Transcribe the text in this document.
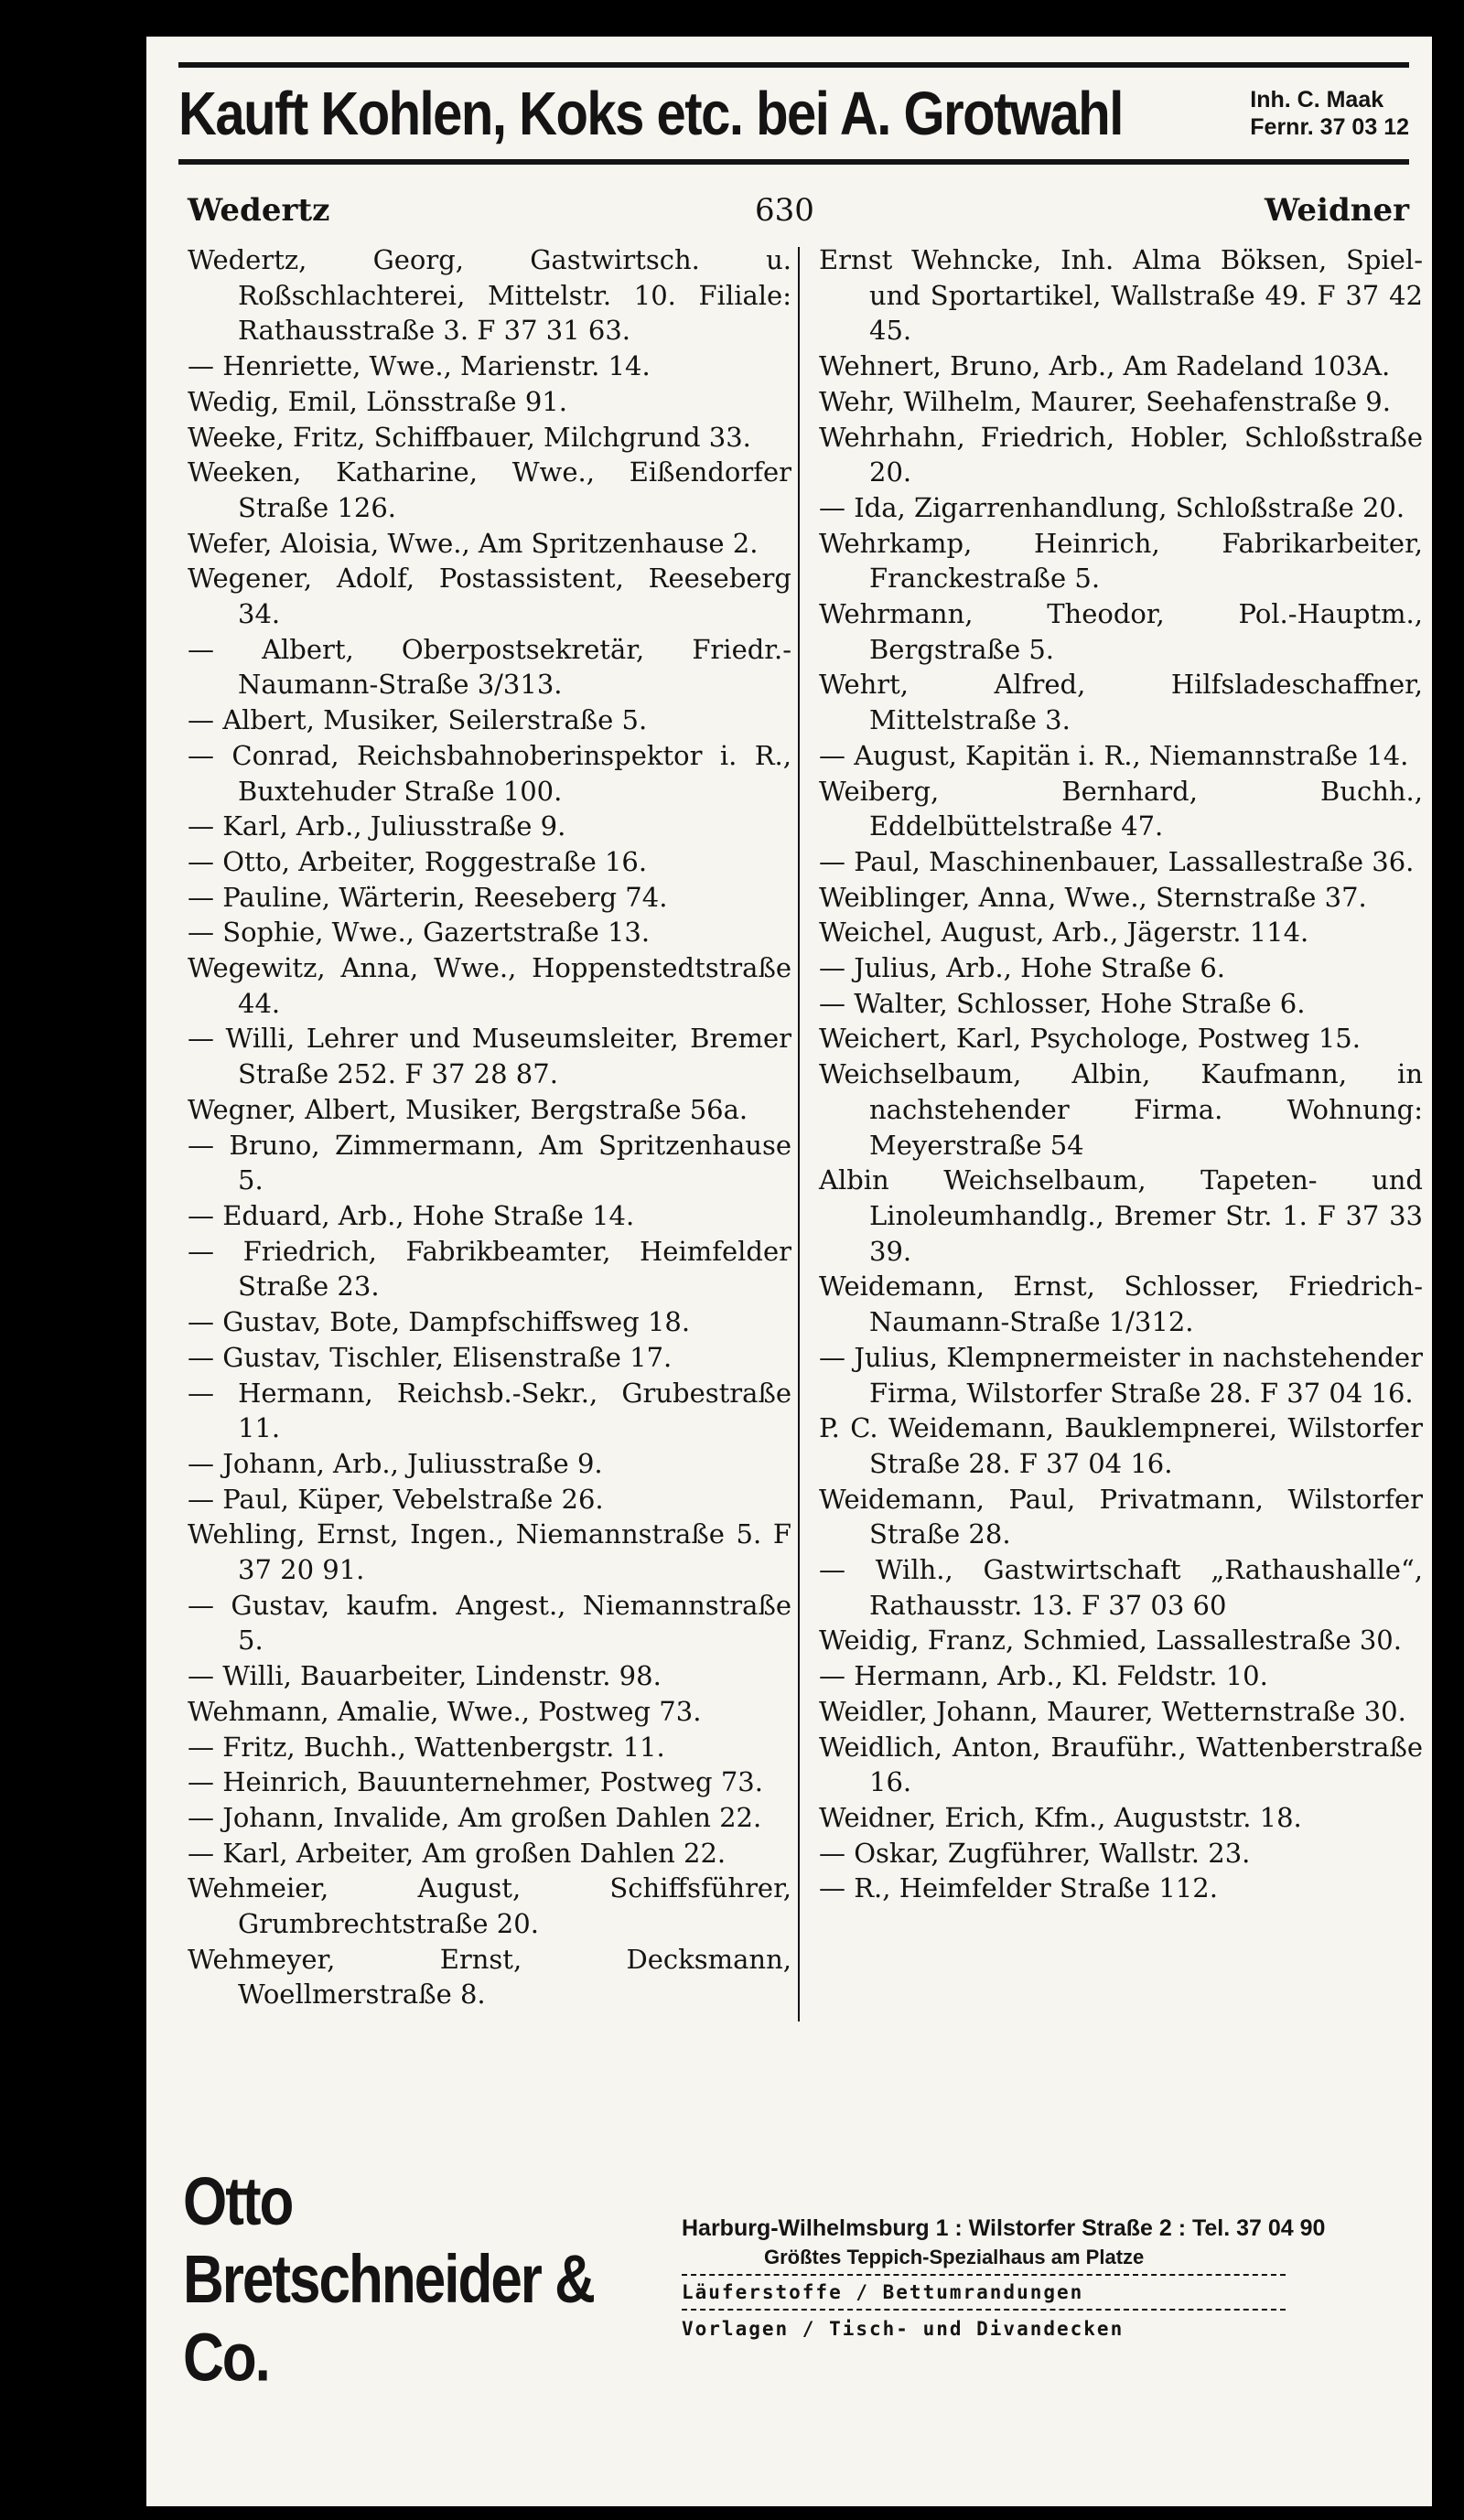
Kauft Kohlen, Koks etc. bei A. Grotwahl	Inh. C. Maak
Fernr. 37 03 12
Wedertz	630	Weidner
Wedertz, Georg, Gastwirtsch. u. Roßschlachterei, Mittelstr. 10. Filiale: Rathausstraße 3. F 37 31 63.
— Henriette, Wwe., Marienstr. 14.
Wedig, Emil, Lönsstraße 91.
Weeke, Fritz, Schiffbauer, Milchgrund 33.
Weeken, Katharine, Wwe., Eißendorfer Straße 126.
Wefer, Aloisia, Wwe., Am Spritzenhause 2.
Wegener, Adolf, Postassistent, Reeseberg 34.
— Albert, Oberpostsekretär, Friedr.-Naumann-Straße 3/313.
— Albert, Musiker, Seilerstraße 5.
— Conrad, Reichsbahnoberinspektor i. R., Buxtehuder Straße 100.
— Karl, Arb., Juliusstraße 9.
— Otto, Arbeiter, Roggestraße 16.
— Pauline, Wärterin, Reeseberg 74.
— Sophie, Wwe., Gazertstraße 13.
Wegewitz, Anna, Wwe., Hoppenstedtstraße 44.
— Willi, Lehrer und Museumsleiter, Bremer Straße 252. F 37 28 87.
Wegner, Albert, Musiker, Bergstraße 56a.
— Bruno, Zimmermann, Am Spritzenhause 5.
— Eduard, Arb., Hohe Straße 14.
— Friedrich, Fabrikbeamter, Heimfelder Straße 23.
— Gustav, Bote, Dampfschiffsweg 18.
— Gustav, Tischler, Elisenstraße 17.
— Hermann, Reichsb.-Sekr., Grubestraße 11.
— Johann, Arb., Juliusstraße 9.
— Paul, Küper, Vebelstraße 26.
Wehling, Ernst, Ingen., Niemannstraße 5. F 37 20 91.
— Gustav, kaufm. Angest., Niemannstraße 5.
— Willi, Bauarbeiter, Lindenstr. 98.
Wehmann, Amalie, Wwe., Postweg 73.
— Fritz, Buchh., Wattenbergstr. 11.
— Heinrich, Bauunternehmer, Postweg 73.
— Johann, Invalide, Am großen Dahlen 22.
— Karl, Arbeiter, Am großen Dahlen 22.
Wehmeier, August, Schiffsführer, Grumbrechtstraße 20.
Wehmeyer, Ernst, Decksmann, Woellmerstraße 8.
Ernst Wehncke, Inh. Alma Böksen, Spiel- und Sportartikel, Wallstraße 49. F 37 42 45.
Wehnert, Bruno, Arb., Am Radeland 103A.
Wehr, Wilhelm, Maurer, Seehafenstraße 9.
Wehrhahn, Friedrich, Hobler, Schloßstraße 20.
— Ida, Zigarrenhandlung, Schloßstraße 20.
Wehrkamp, Heinrich, Fabrikarbeiter, Franckestraße 5.
Wehrmann, Theodor, Pol.-Hauptm., Bergstraße 5.
Wehrt, Alfred, Hilfsladeschaffner, Mittelstraße 3.
— August, Kapitän i. R., Niemannstraße 14.
Weiberg, Bernhard, Buchh., Eddelbüttelstraße 47.
— Paul, Maschinenbauer, Lassallestraße 36.
Weiblinger, Anna, Wwe., Sternstraße 37.
Weichel, August, Arb., Jägerstr. 114.
— Julius, Arb., Hohe Straße 6.
— Walter, Schlosser, Hohe Straße 6.
Weichert, Karl, Psychologe, Postweg 15.
Weichselbaum, Albin, Kaufmann, in nachstehender Firma. Wohnung: Meyerstraße 54
Albin Weichselbaum, Tapeten- und Linoleumhandlg., Bremer Str. 1. F 37 33 39.
Weidemann, Ernst, Schlosser, Friedrich-Naumann-Straße 1/312.
— Julius, Klempnermeister in nachstehender Firma, Wilstorfer Straße 28. F 37 04 16.
P. C. Weidemann, Bauklempnerei, Wilstorfer Straße 28. F 37 04 16.
Weidemann, Paul, Privatmann, Wilstorfer Straße 28.
— Wilh., Gastwirtschaft „Rathaushalle“, Rathausstr. 13. F 37 03 60
Weidig, Franz, Schmied, Lassallestraße 30.
— Hermann, Arb., Kl. Feldstr. 10.
Weidler, Johann, Maurer, Wetternstraße 30.
Weidlich, Anton, Brauführ., Wattenberstraße 16.
Weidner, Erich, Kfm., Auguststr. 18.
— Oskar, Zugführer, Wallstr. 23.
— R., Heimfelder Straße 112.
Otto Bretschneider & Co.
Harburg-Wilhelmsburg 1 : Wilstorfer Straße 2 : Tel. 37 04 90
Größtes Teppich-Spezialhaus am Platze
Läuferstoffe / Bettumrandungen
Vorlagen / Tisch- und Divandecken
